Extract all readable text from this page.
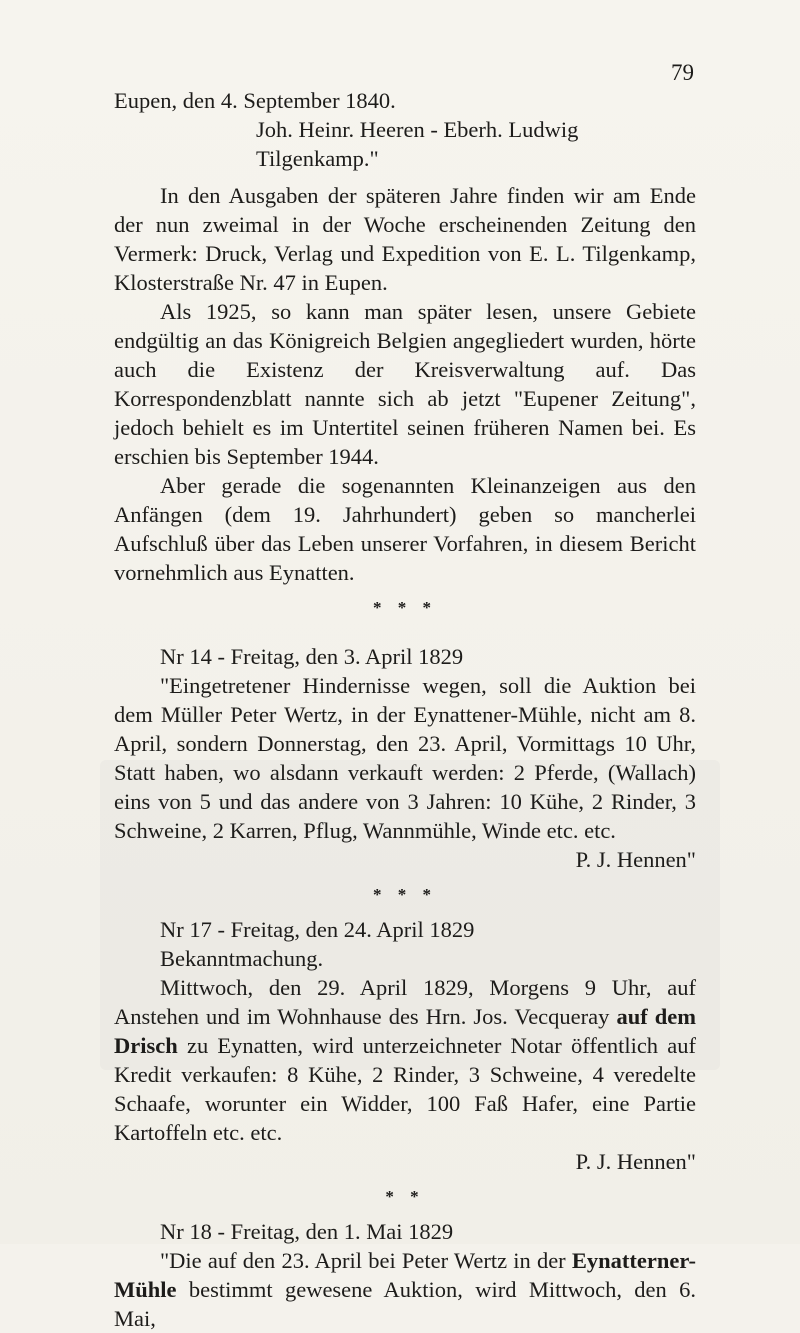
79

Eupen, den 4. September 1840.

Joh. Heinr. Heeren - Eberh. Ludwig Tilgenkamp."

In den Ausgaben der späteren Jahre finden wir am Ende der nun zweimal in der Woche erscheinenden Zeitung den Vermerk: Druck, Verlag und Expedition von E. L. Tilgenkamp, Klosterstraße Nr. 47 in Eupen.

Als 1925, so kann man später lesen, unsere Gebiete endgültig an das Königreich Belgien angegliedert wurden, hörte auch die Existenz der Kreisverwaltung auf. Das Korrespondenzblatt nannte sich ab jetzt "Eupener Zeitung", jedoch behielt es im Untertitel seinen früheren Namen bei. Es erschien bis September 1944.

Aber gerade die sogenannten Kleinanzeigen aus den Anfängen (dem 19. Jahrhundert) geben so mancherlei Aufschluß über das Leben unserer Vorfahren, in diesem Bericht vornehmlich aus Eynatten.

* * *

Nr 14 - Freitag, den 3. April 1829

"Eingetretener Hindernisse wegen, soll die Auktion bei dem Müller Peter Wertz, in der Eynattener-Mühle, nicht am 8. April, sondern Donnerstag, den 23. April, Vormittags 10 Uhr, Statt haben, wo alsdann verkauft werden: 2 Pferde, (Wallach) eins von 5 und das andere von 3 Jahren: 10 Kühe, 2 Rinder, 3 Schweine, 2 Karren, Pflug, Wannmühle, Winde etc. etc.

P. J. Hennen"

* * *

Nr 17 - Freitag, den 24. April 1829

Bekanntmachung.

Mittwoch, den 29. April 1829, Morgens 9 Uhr, auf Anstehen und im Wohnhause des Hrn. Jos. Vecqueray auf dem Drisch zu Eynatten, wird unterzeichneter Notar öffentlich auf Kredit verkaufen: 8 Kühe, 2 Rinder, 3 Schweine, 4 veredelte Schaafe, worunter ein Widder, 100 Faß Hafer, eine Partie Kartoffeln etc. etc.

P. J. Hennen"

* *

Nr 18 - Freitag, den 1. Mai 1829

"Die auf den 23. April bei Peter Wertz in der Eynatterner-Mühle bestimmt gewesene Auktion, wird Mittwoch, den 6. Mai,
